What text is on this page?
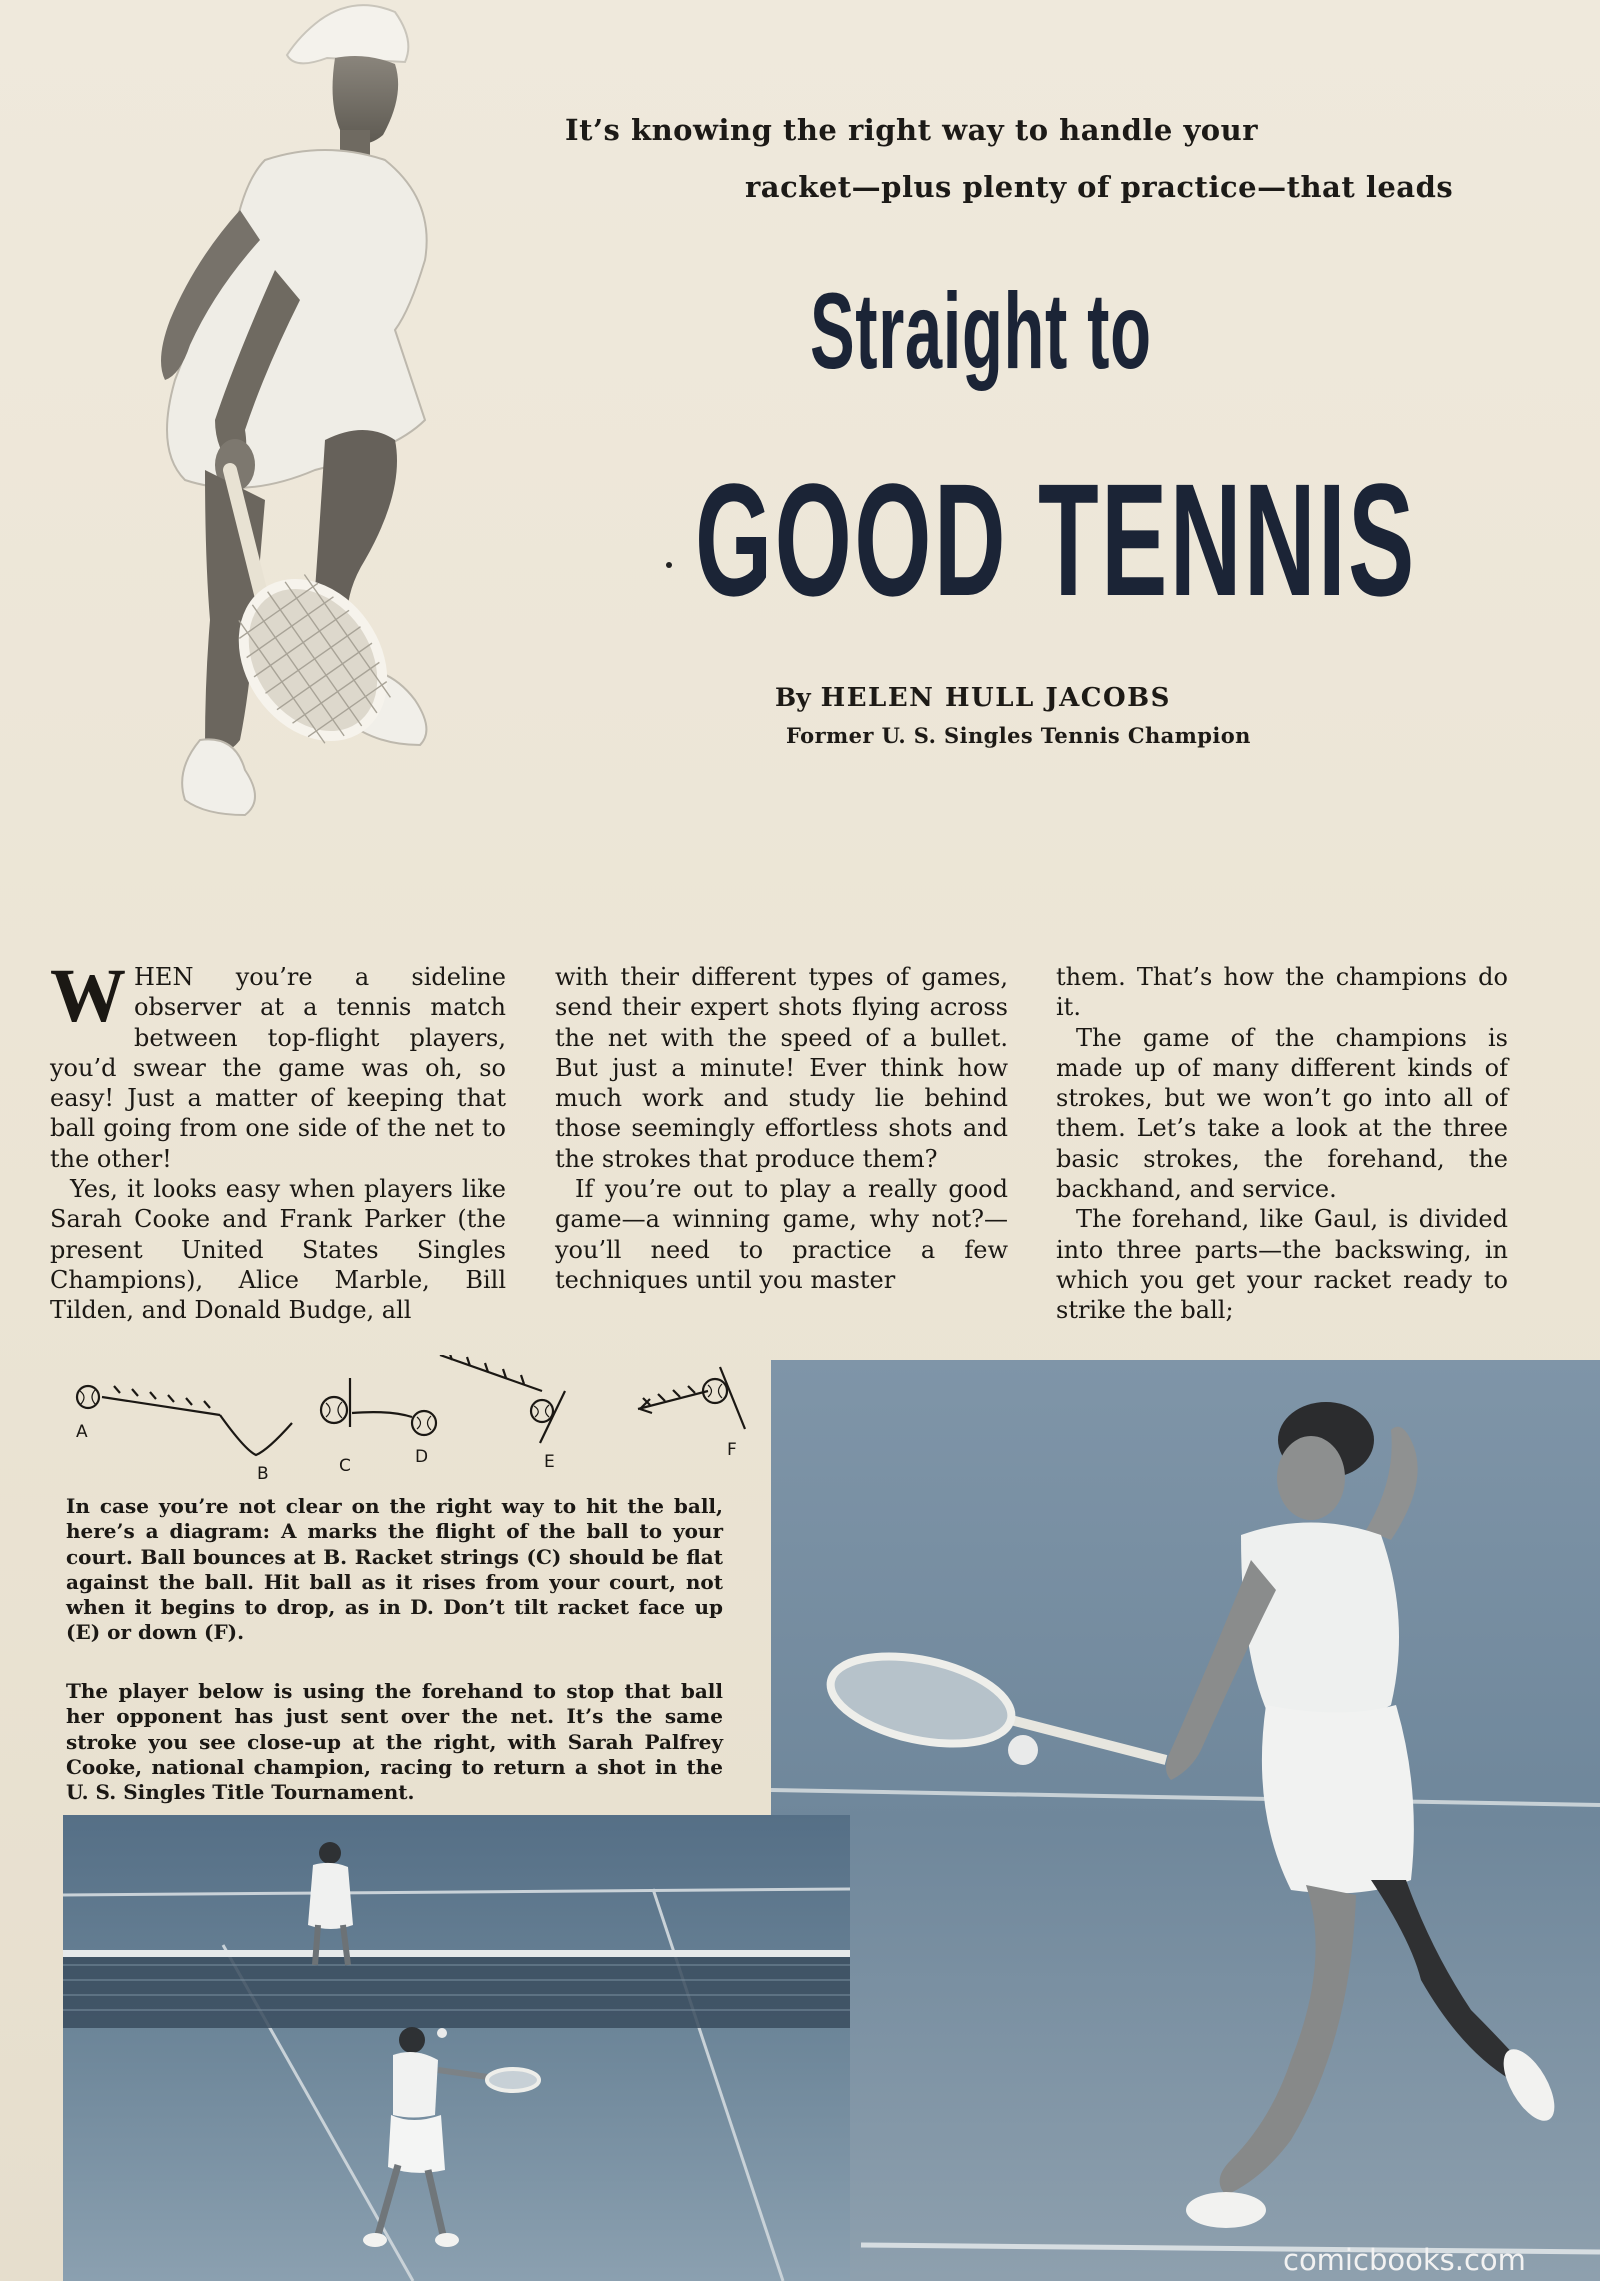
It’s knowing the right way to handle your
racket—plus plenty of practice—that leads
Straight to
GOOD TENNIS
By HELEN HULL JACOBS
Former U. S. Singles Tennis Champion

WHEN you’re a sideline observer at a tennis match between top-flight players, you’d swear the game was oh, so easy! Just a matter of keeping that ball going from one side of the net to the other!

Yes, it looks easy when players like Sarah Cooke and Frank Parker (the present United States Singles Champions), Alice Marble, Bill Tilden, and Donald Budge, all

with their different types of games, send their expert shots flying across the net with the speed of a bullet. But just a minute! Ever think how much work and study lie behind those seemingly effortless shots and the strokes that produce them?

If you’re out to play a really good game—a winning game, why not?—you’ll need to practice a few techniques until you master

them. That’s how the champions do it.

The game of the champions is made up of many different kinds of strokes, but we won’t go into all of them. Let’s take a look at the three basic strokes, the forehand, the backhand, and service.

The forehand, like Gaul, is divided into three parts—the backswing, in which you get your racket ready to strike the ball;

A
B	C	D	E
F

In case you’re not clear on the right way to hit the ball, here’s a diagram: A marks the flight of the ball to your court. Ball bounces at B. Racket strings (C) should be flat against the ball. Hit ball as it rises from your court, not when it begins to drop, as in D. Don’t tilt racket face up (E) or down (F).

The player below is using the forehand to stop that ball her opponent has just sent over the net. It’s the same stroke you see close-up at the right, with Sarah Palfrey Cooke, national champion, racing to return a shot in the U. S. Singles Title Tournament.

comicbooks.com
